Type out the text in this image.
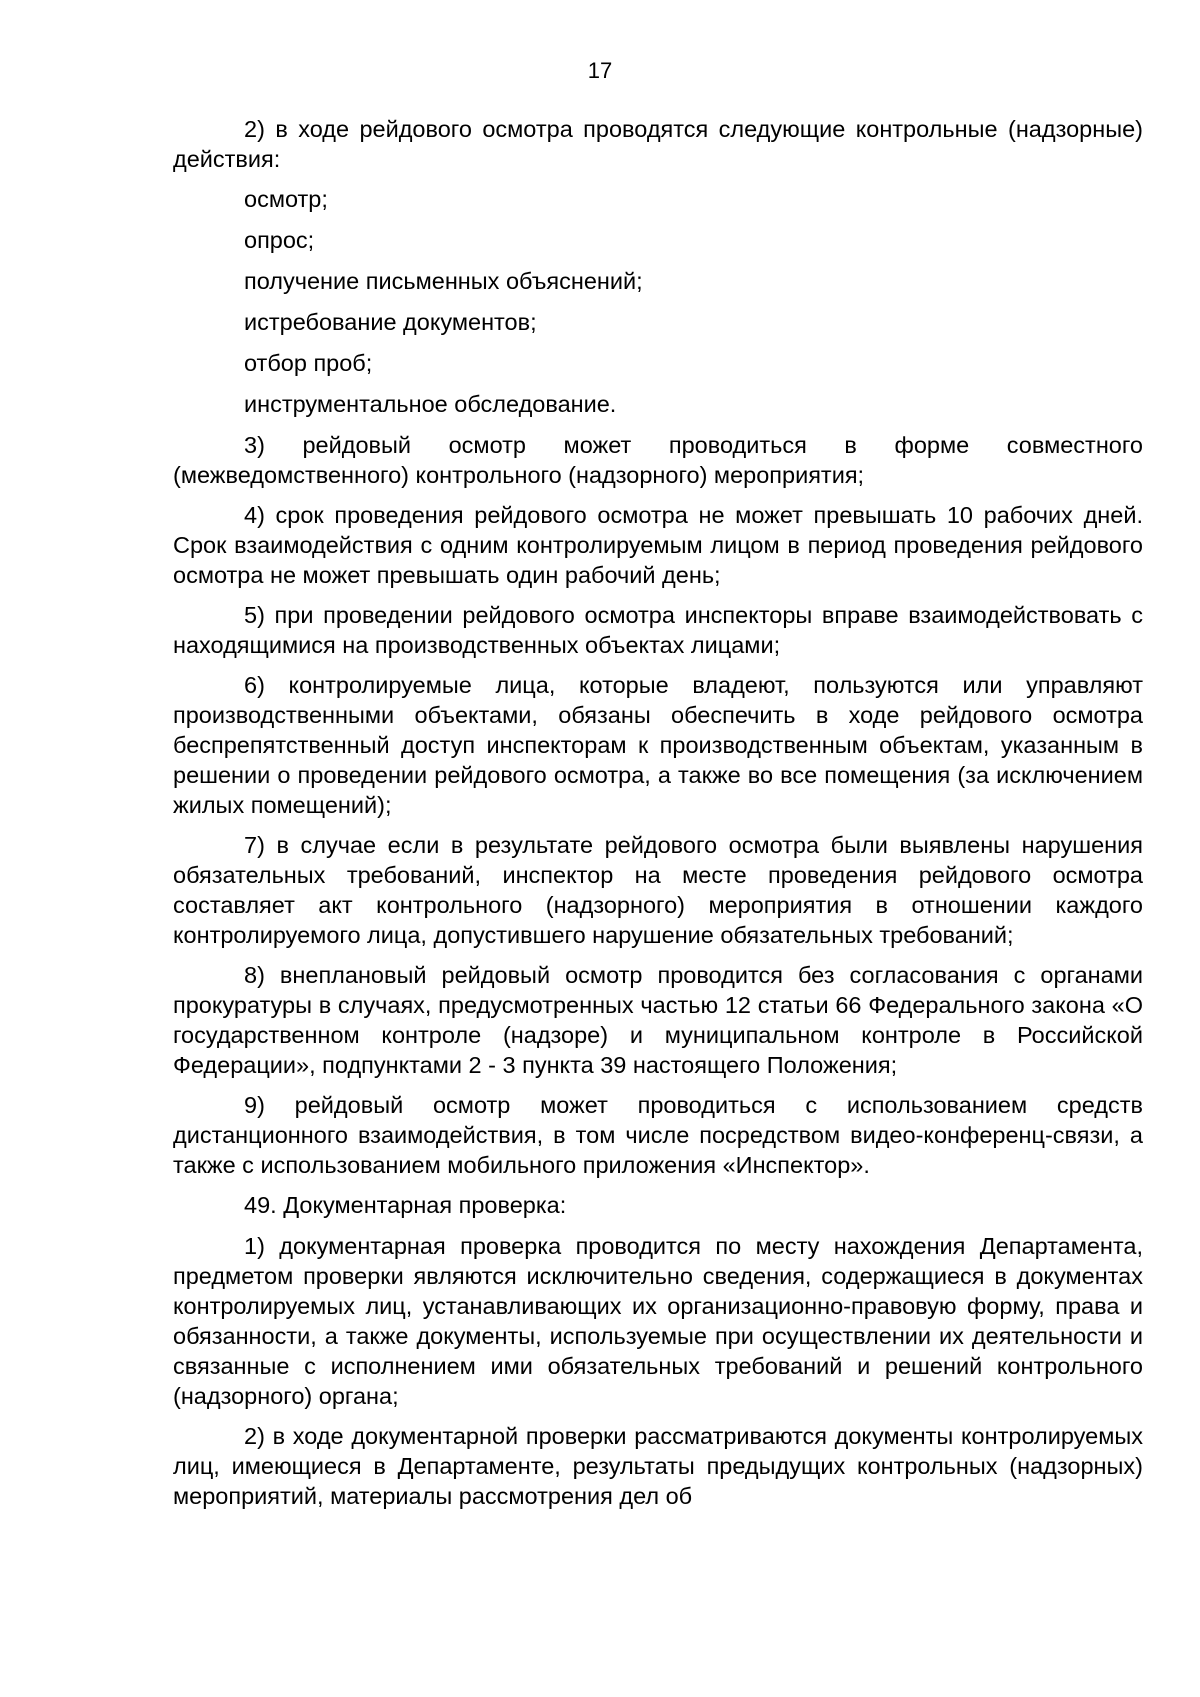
17

2) в ходе рейдового осмотра проводятся следующие контрольные (надзорные) действия:

осмотр;

опрос;

получение письменных объяснений;

истребование документов;

отбор проб;

инструментальное обследование.

3) рейдовый осмотр может проводиться в форме совместного (межведомственного) контрольного (надзорного) мероприятия;

4) срок проведения рейдового осмотра не может превышать 10 рабочих дней. Срок взаимодействия с одним контролируемым лицом в период проведения рейдового осмотра не может превышать один рабочий день;

5) при проведении рейдового осмотра инспекторы вправе взаимодействовать с находящимися на производственных объектах лицами;

6) контролируемые лица, которые владеют, пользуются или управляют производственными объектами, обязаны обеспечить в ходе рейдового осмотра беспрепятственный доступ инспекторам к производственным объектам, указанным в решении о проведении рейдового осмотра, а также во все помещения (за исключением жилых помещений);

7) в случае если в результате рейдового осмотра были выявлены нарушения обязательных требований, инспектор на месте проведения рейдового осмотра составляет акт контрольного (надзорного) мероприятия в отношении каждого контролируемого лица, допустившего нарушение обязательных требований;

8) внеплановый рейдовый осмотр проводится без согласования с органами прокуратуры в случаях, предусмотренных частью 12 статьи 66 Федерального закона «О государственном контроле (надзоре) и муниципальном контроле в Российской Федерации», подпунктами 2 - 3 пункта 39 настоящего Положения;

9) рейдовый осмотр может проводиться с использованием средств дистанционного взаимодействия, в том числе посредством видео-конференц-связи, а также с использованием мобильного приложения «Инспектор».

49. Документарная проверка:

1) документарная проверка проводится по месту нахождения Департамента, предметом проверки являются исключительно сведения, содержащиеся в документах контролируемых лиц, устанавливающих их организационно-правовую форму, права и обязанности, а также документы, используемые при осуществлении их деятельности и связанные с исполнением ими обязательных требований и решений контрольного (надзорного) органа;

2) в ходе документарной проверки рассматриваются документы контролируемых лиц, имеющиеся в Департаменте, результаты предыдущих контрольных (надзорных) мероприятий, материалы рассмотрения дел об
